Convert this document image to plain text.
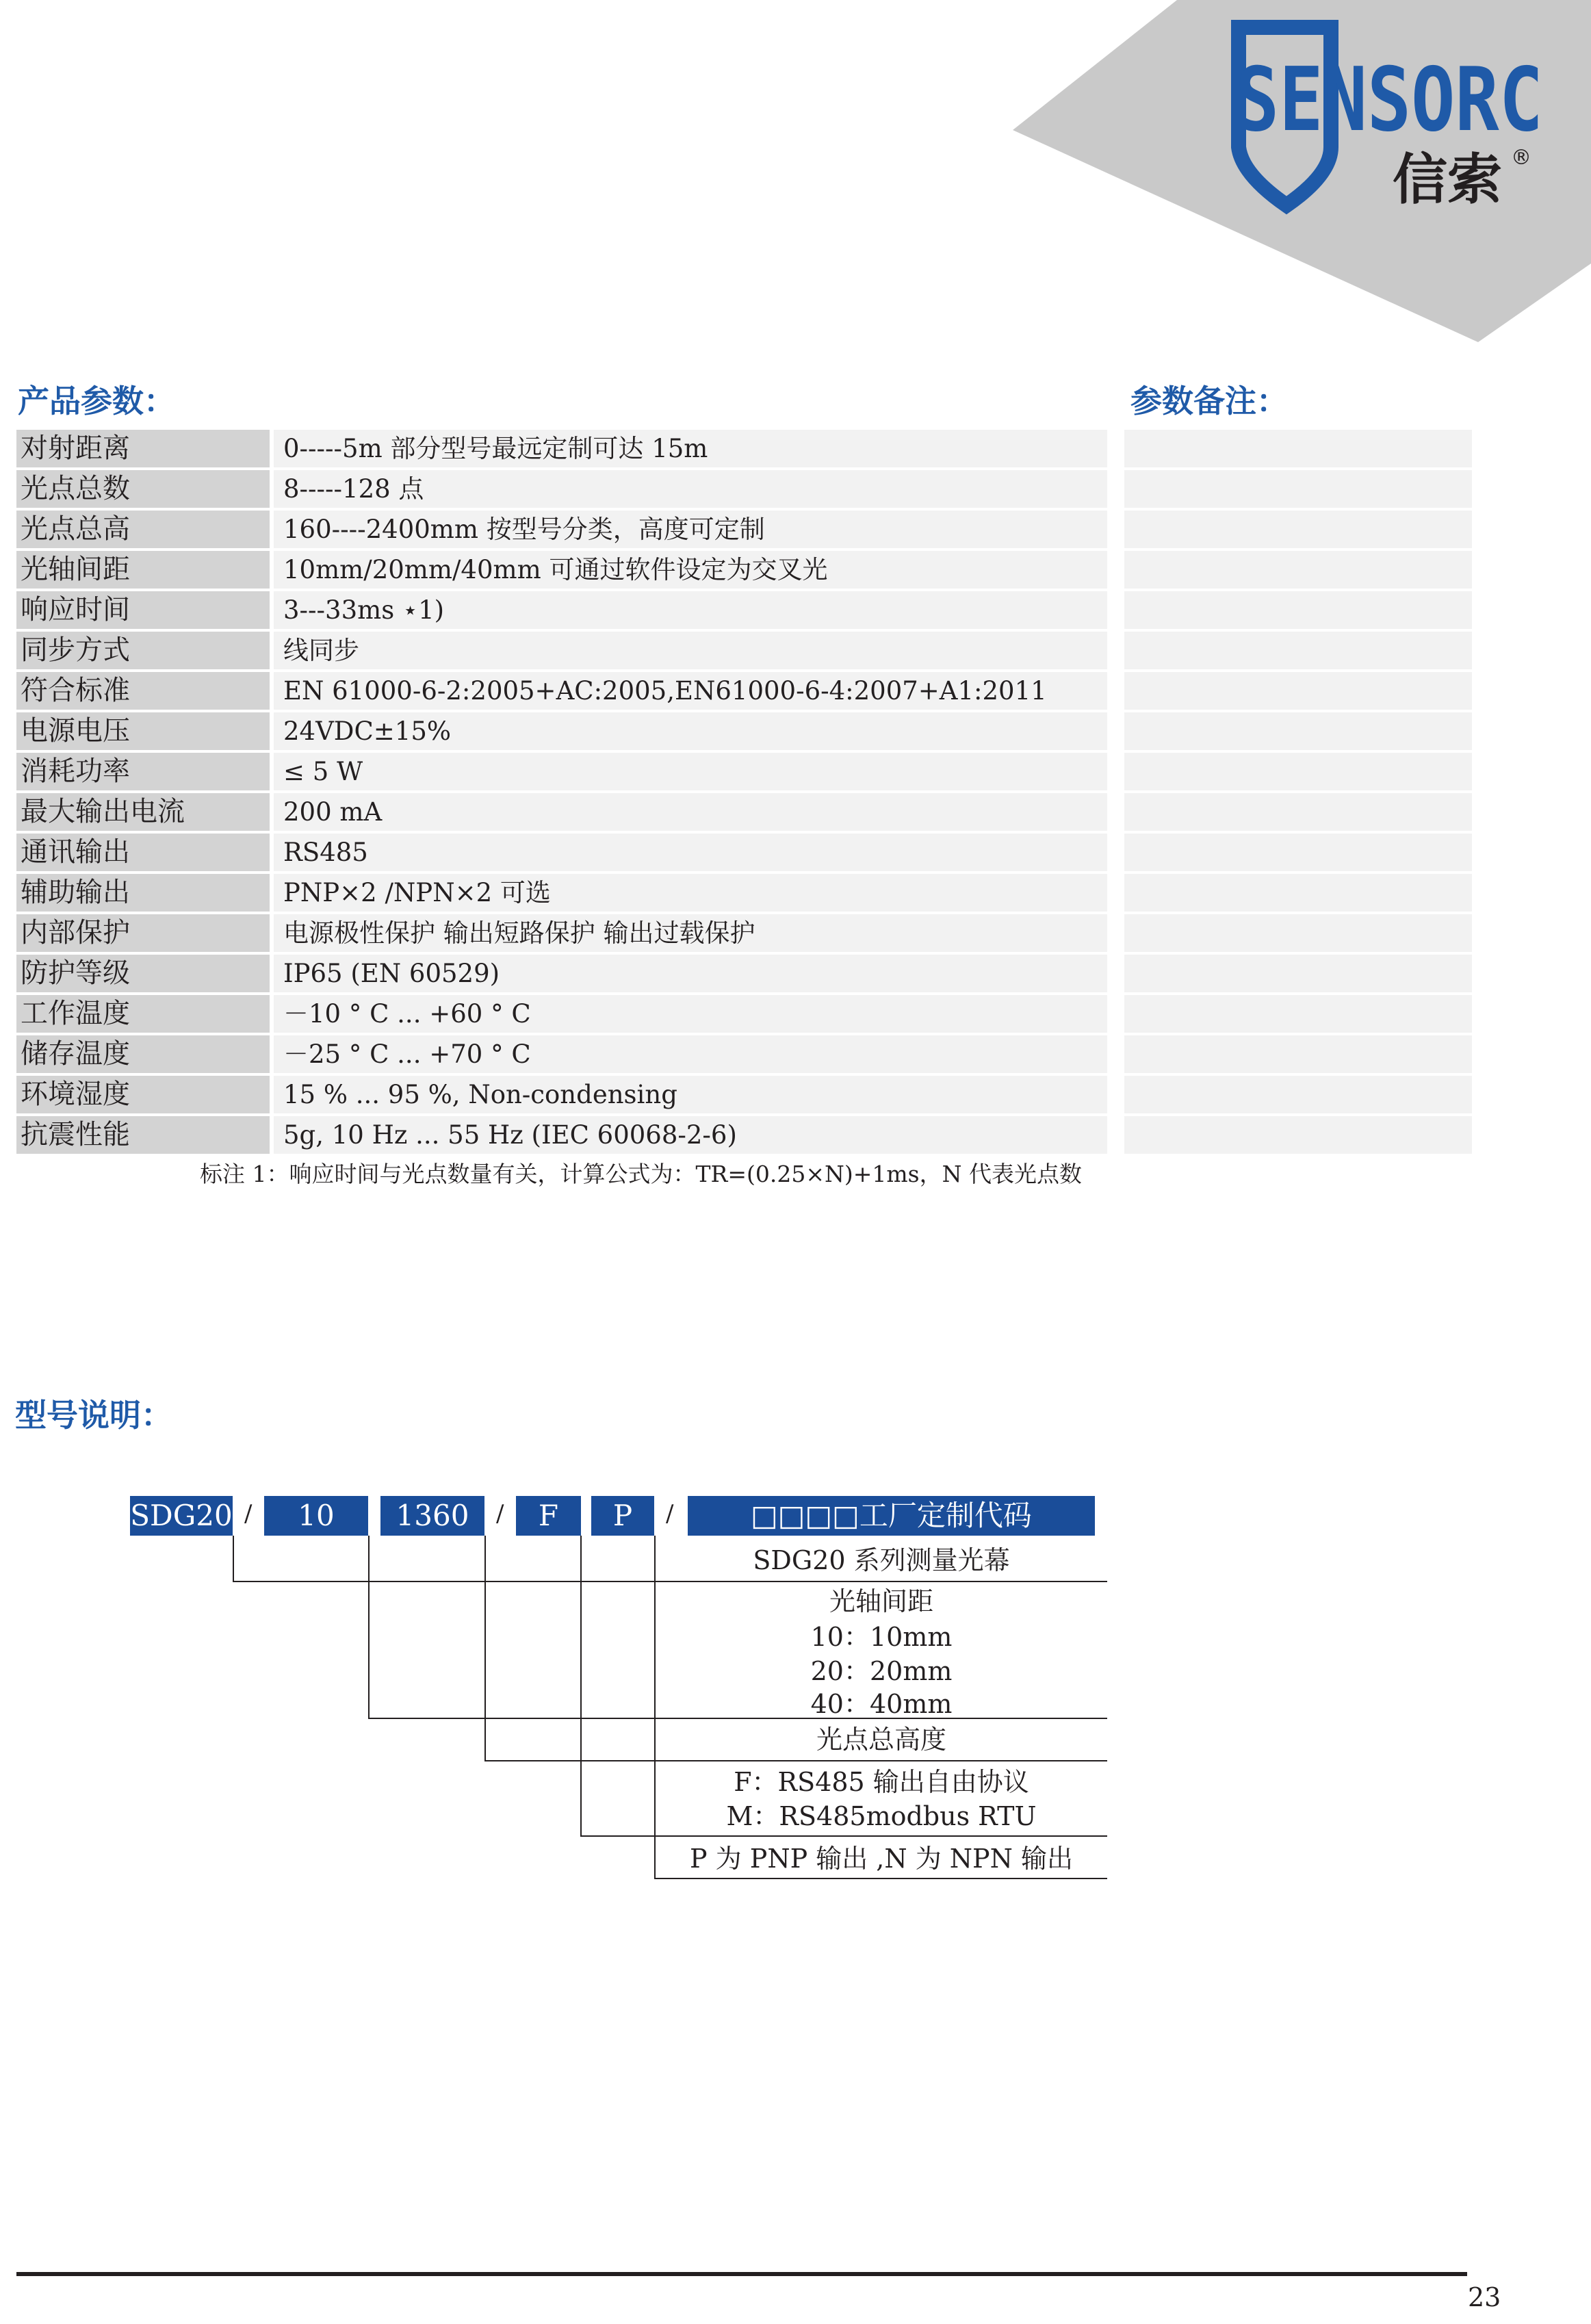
SENSORC
信索 ®
产品参数：	参数备注：
对射距离	0-----5m 部分型号最远定制可达 15m
光点总数	8-----128 点
光点总高	160----2400mm 按型号分类，高度可定制
光轴间距	10mm/20mm/40mm 可通过软件设定为交叉光
响应时间	3---33ms ⋆1)
同步方式	线同步
符合标准	EN 61000-6-2:2005+AC:2005,EN61000-6-4:2007+A1:2011
电源电压	24VDC±15%
消耗功率	≤ 5 W
最大输出电流	200 mA
通讯输出	RS485
辅助输出	PNP×2 /NPN×2 可选
内部保护	电源极性保护 输出短路保护 输出过载保护
防护等级	IP65 (EN 60529)
工作温度	－10 ° C ... +60 ° C
储存温度	－25 ° C ... +70 ° C
环境湿度	15 % ... 95 %, Non-condensing
抗震性能	5g, 10 Hz ... 55 Hz (IEC 60068-2-6)
标注 1：响应时间与光点数量有关，计算公式为：TR=(0.25×N)+1ms，N 代表光点数
型号说明：
SDG20 /	10	1360	/	F	P	/	□□□□工厂定制代码
SDG20 系列测量光幕
光轴间距
10：10mm
20：20mm
40：40mm
光点总高度
F：RS485 输出自由协议
M：RS485modbus RTU
P 为 PNP 输出 ,N 为 NPN 输出
23
